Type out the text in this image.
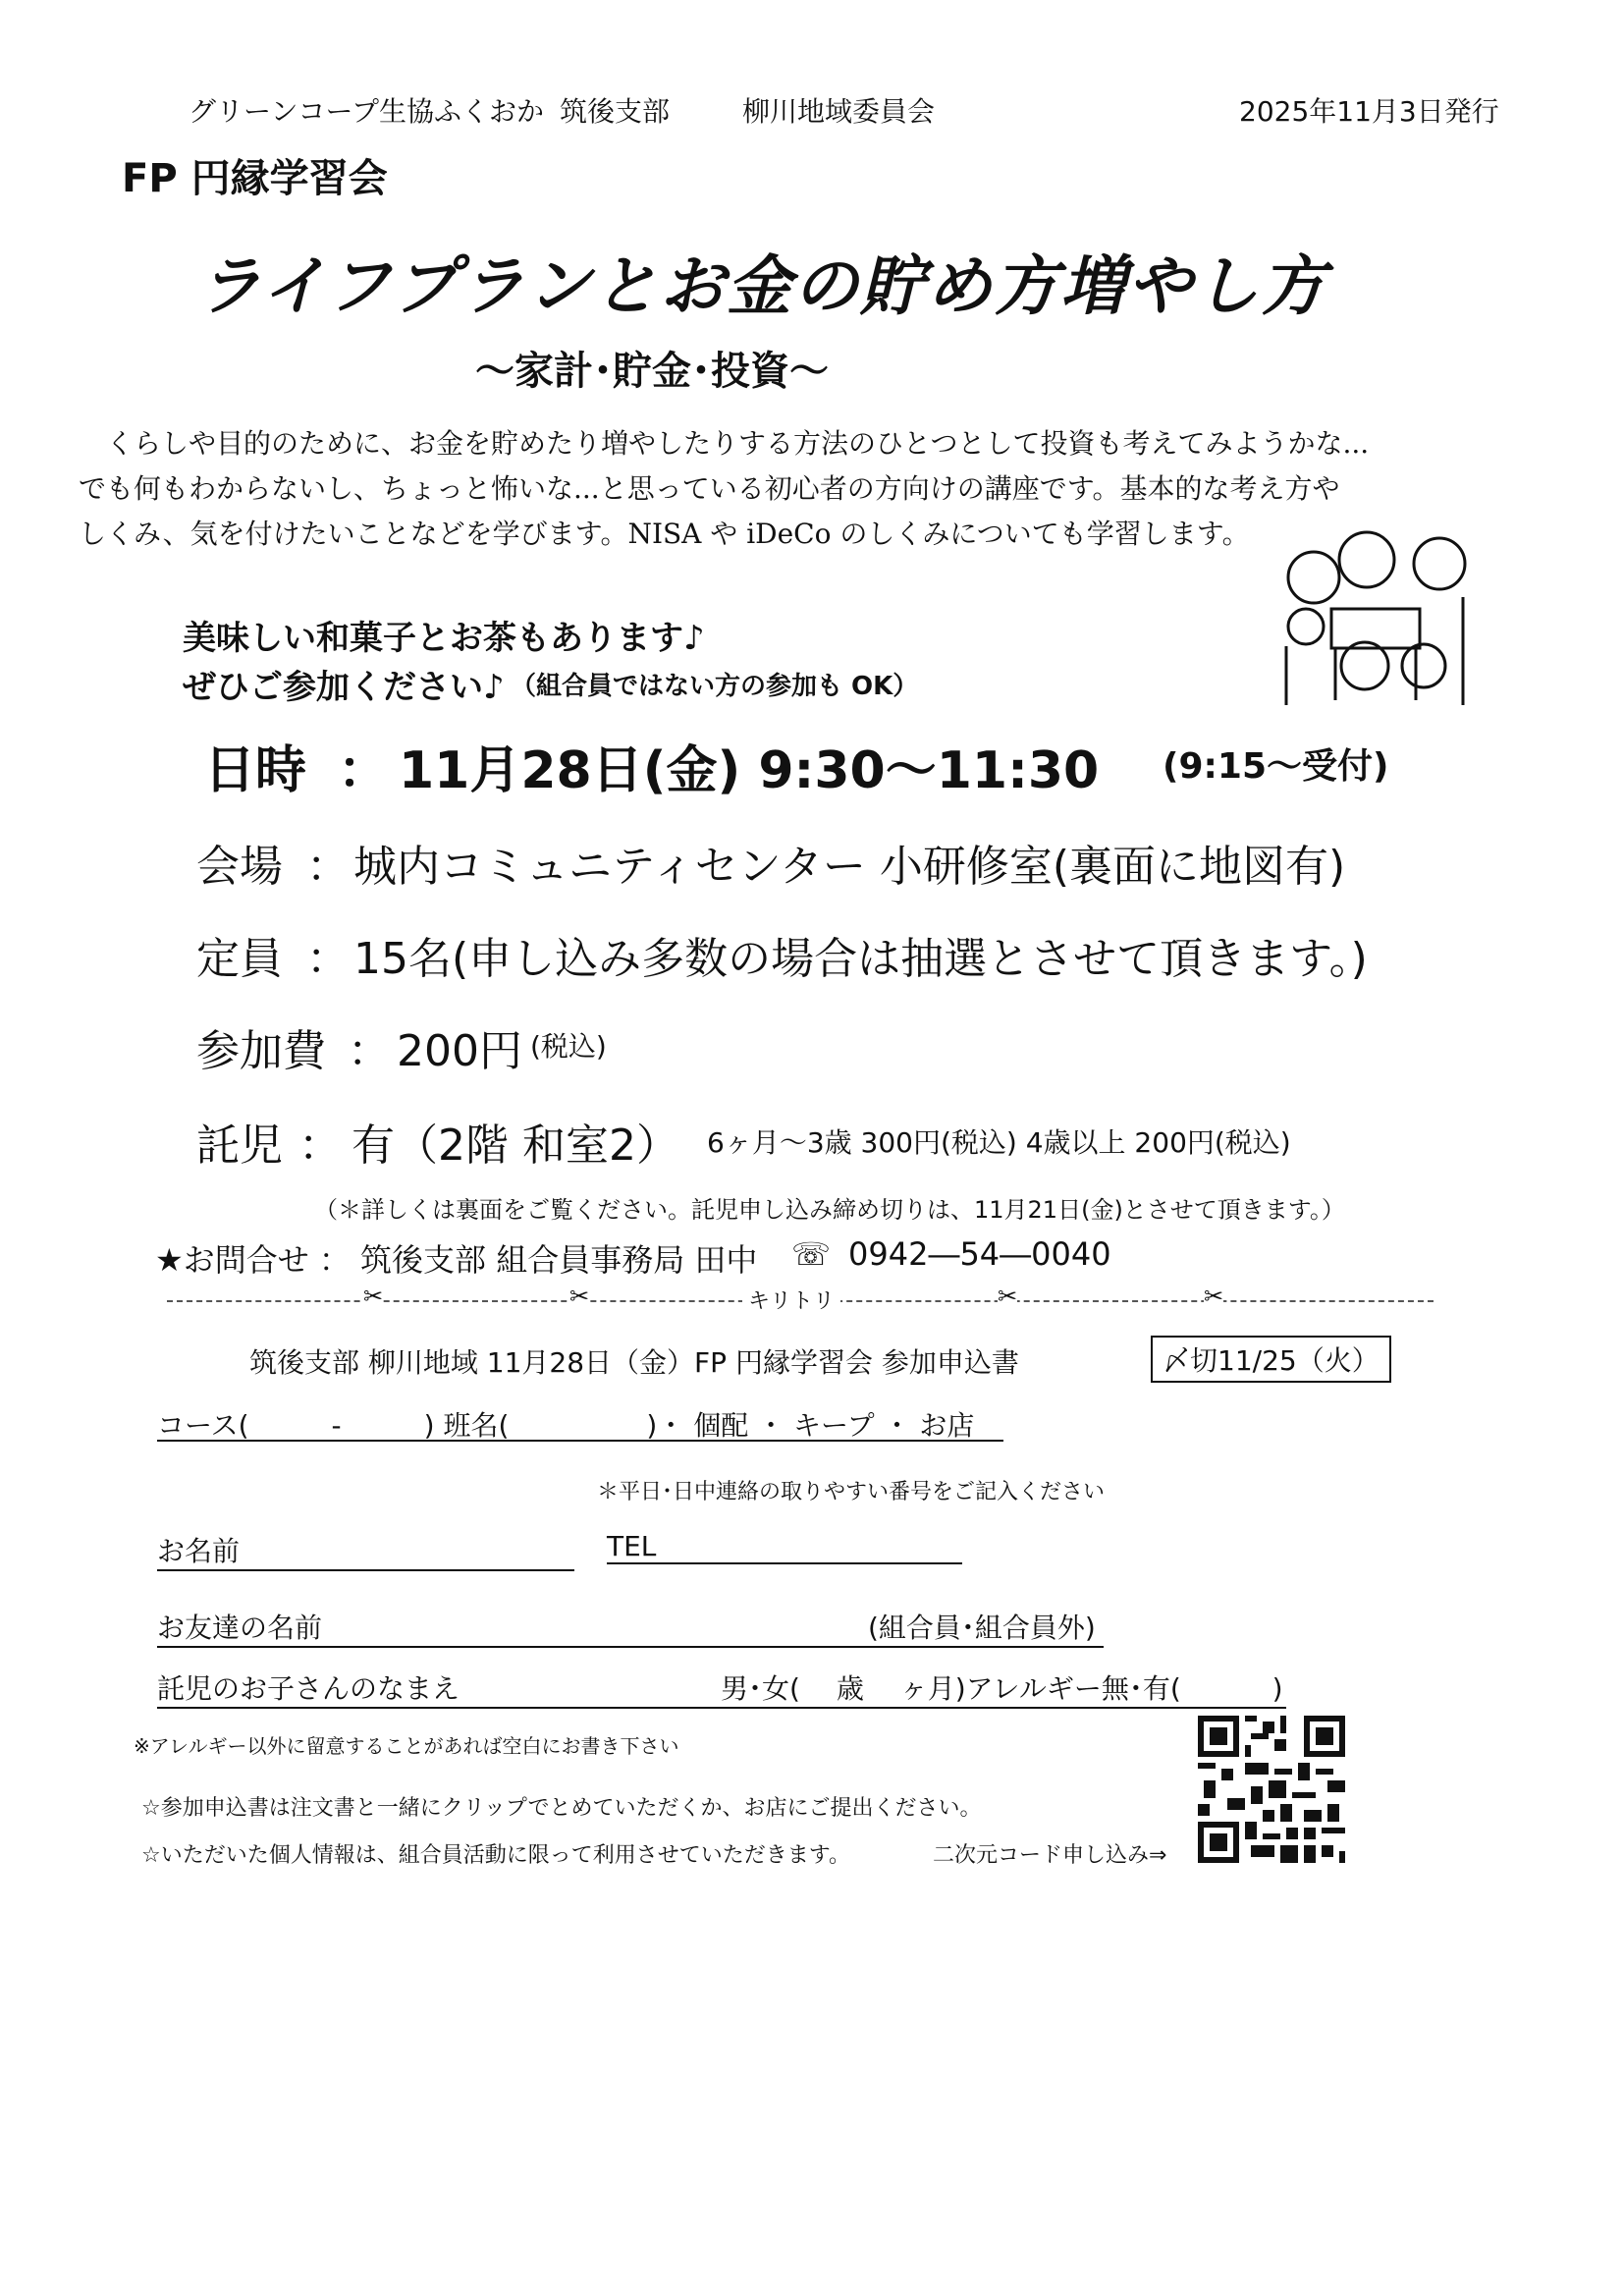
グリーンコープ生協ふくおか 筑後支部	柳川地域委員会	2025年11月3日発行
FP 円縁学習会
ライフプランとお金の貯め方増やし方
～家計･貯金･投資～
くらしや目的のために、お金を貯めたり増やしたりする方法のひとつとして投資も考えてみようかな...
でも何もわからないし、ちょっと怖いな...と思っている初心者の方向けの講座です。基本的な考え方や
しくみ、気を付けたいことなどを学びます。NISA や iDeCo のしくみについても学習します。
美味しい和菓子とお茶もあります♪
ぜひご参加ください♪ （組合員ではない方の参加も OK）
日時 ： 11月28日(金) 9:30～11:30 (9:15～受付)
会場 ： 城内コミュニティセンター 小研修室(裏面に地図有)
定員 ： 15名(申し込み多数の場合は抽選とさせて頂きます。)
参加費 ： 200円 (税込)
託児 ： 有（2階 和室2） 6ヶ月～3歳 300円(税込) 4歳以上 200円(税込)
（＊詳しくは裏面をご覧ください。託児申し込み締め切りは、11月21日(金)とさせて頂きます。）
★お問合せ ： 筑後支部 組合員事務局 田中 ☏ 0942―54―0040
✂	✂	キリトリ	✂	✂
筑後支部 柳川地域 11月28日（金）FP 円縁学習会 参加申込書	〆切11/25（火）
コース(　　　-　　　) 班名(　　　　　)・ 個配 ・ キープ ・ お店
＊平日･日中連絡の取りやすい番号をご記入ください
お名前	TEL
お友達の名前	(組合員･組合員外)
託児のお子さんのなまえ	男･女(　 歳 　ヶ月)アレルギー無･有(　　　 )
※アレルギー以外に留意することがあれば空白にお書き下さい
☆参加申込書は注文書と一緒にクリップでとめていただくか、お店にご提出ください。
☆いただいた個人情報は、組合員活動に限って利用させていただきます。	二次元コード申し込み⇒
